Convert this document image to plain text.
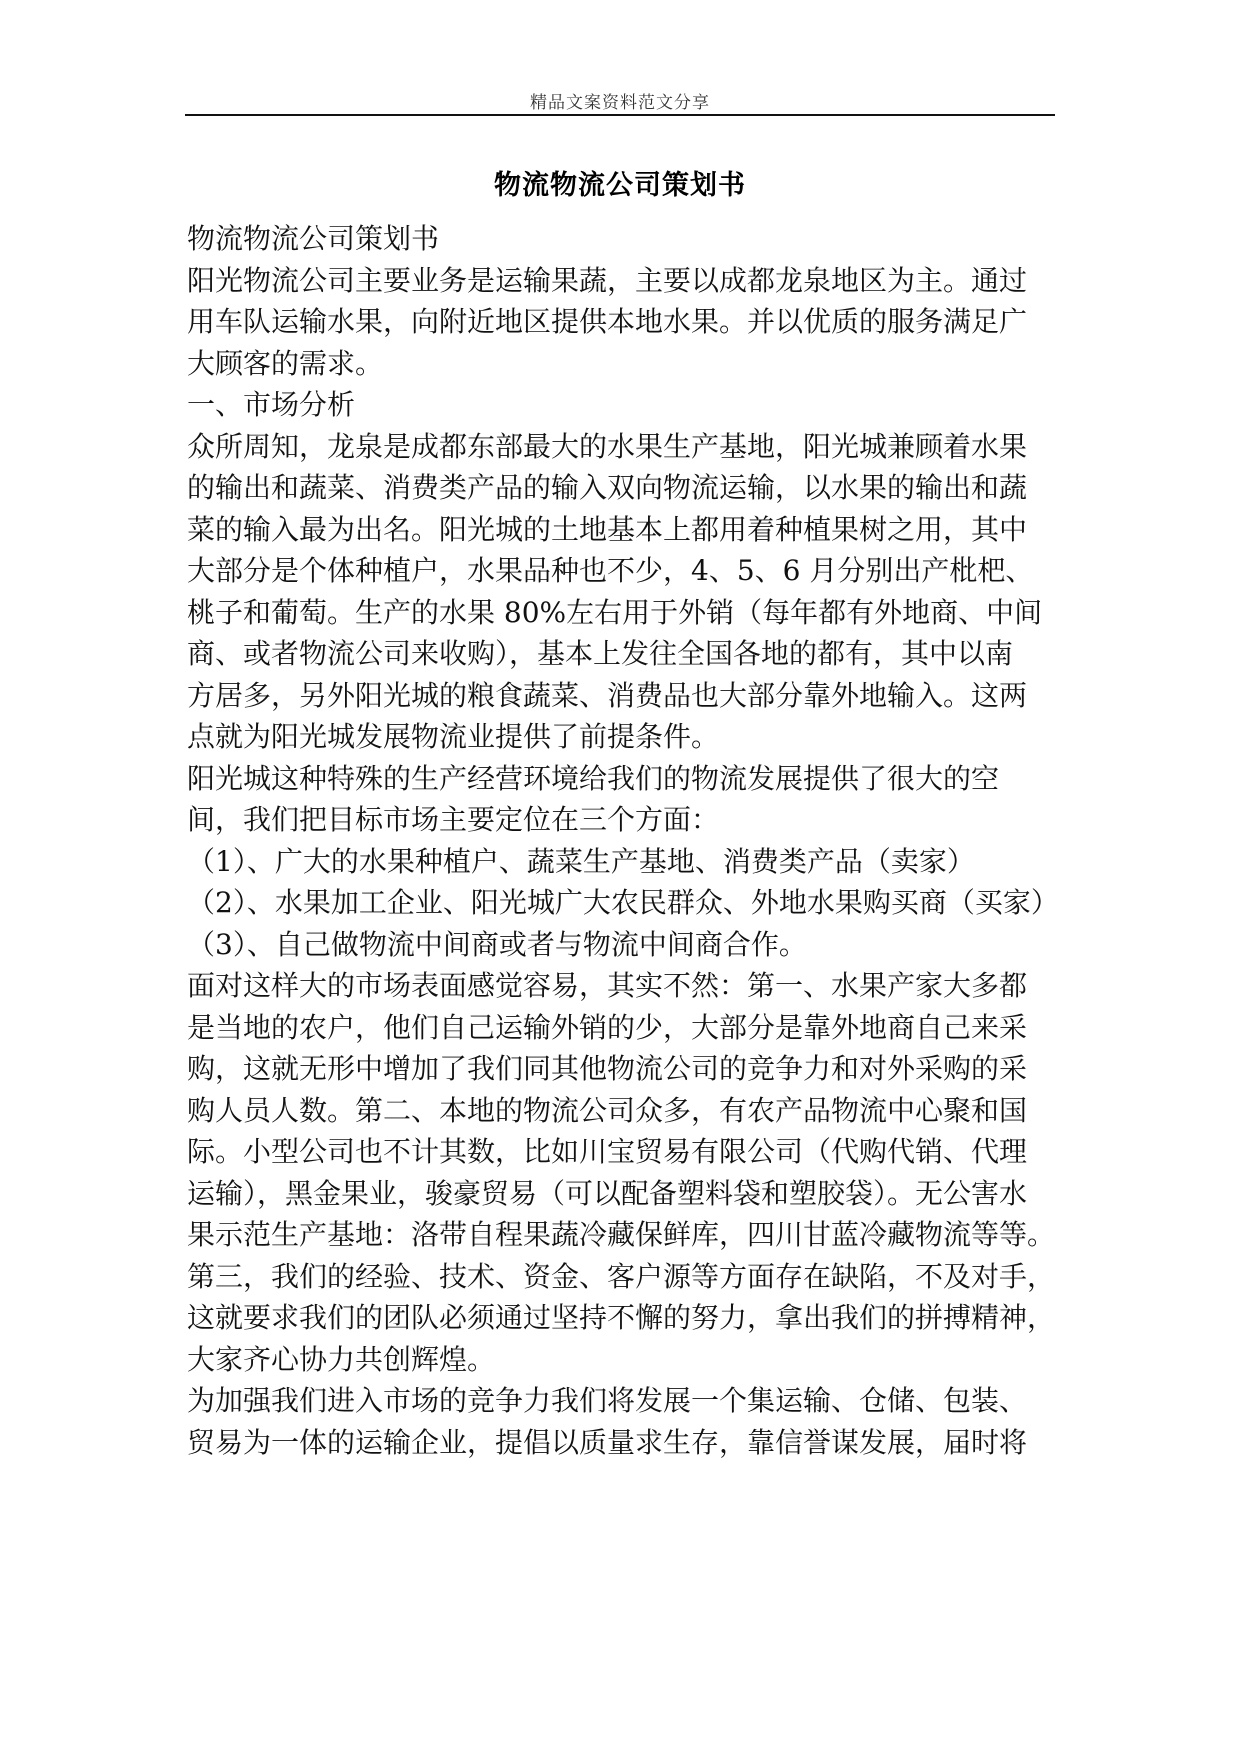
精品文案资料范文分享
物流物流公司策划书
物流物流公司策划书
阳光物流公司主要业务是运输果蔬，主要以成都龙泉地区为主。通过
用车队运输水果，向附近地区提供本地水果。并以优质的服务满足广
大顾客的需求。
一、市场分析
众所周知，龙泉是成都东部最大的水果生产基地，阳光城兼顾着水果
的输出和蔬菜、消费类产品的输入双向物流运输，以水果的输出和蔬
菜的输入最为出名。阳光城的土地基本上都用着种植果树之用，其中
大部分是个体种植户，水果品种也不少，4、5、6 月分别出产枇杷、
桃子和葡萄。生产的水果 80%左右用于外销（每年都有外地商、中间
商、或者物流公司来收购），基本上发往全国各地的都有，其中以南
方居多，另外阳光城的粮食蔬菜、消费品也大部分靠外地输入。这两
点就为阳光城发展物流业提供了前提条件。
阳光城这种特殊的生产经营环境给我们的物流发展提供了很大的空
间，我们把目标市场主要定位在三个方面：
（1）、广大的水果种植户、蔬菜生产基地、消费类产品（卖家）
（2）、水果加工企业、阳光城广大农民群众、外地水果购买商（买家）
（3）、自己做物流中间商或者与物流中间商合作。
面对这样大的市场表面感觉容易，其实不然：第一、水果产家大多都
是当地的农户，他们自己运输外销的少，大部分是靠外地商自己来采
购，这就无形中增加了我们同其他物流公司的竞争力和对外采购的采
购人员人数。第二、本地的物流公司众多，有农产品物流中心聚和国
际。小型公司也不计其数，比如川宝贸易有限公司（代购代销、代理
运输），黑金果业，骏豪贸易（可以配备塑料袋和塑胶袋）。无公害水
果示范生产基地：洛带自程果蔬冷藏保鲜库，四川甘蓝冷藏物流等等。
第三，我们的经验、技术、资金、客户源等方面存在缺陷，不及对手，
这就要求我们的团队必须通过坚持不懈的努力，拿出我们的拼搏精神，
大家齐心协力共创辉煌。
为加强我们进入市场的竞争力我们将发展一个集运输、仓储、包装、
贸易为一体的运输企业，提倡以质量求生存，靠信誉谋发展，届时将
